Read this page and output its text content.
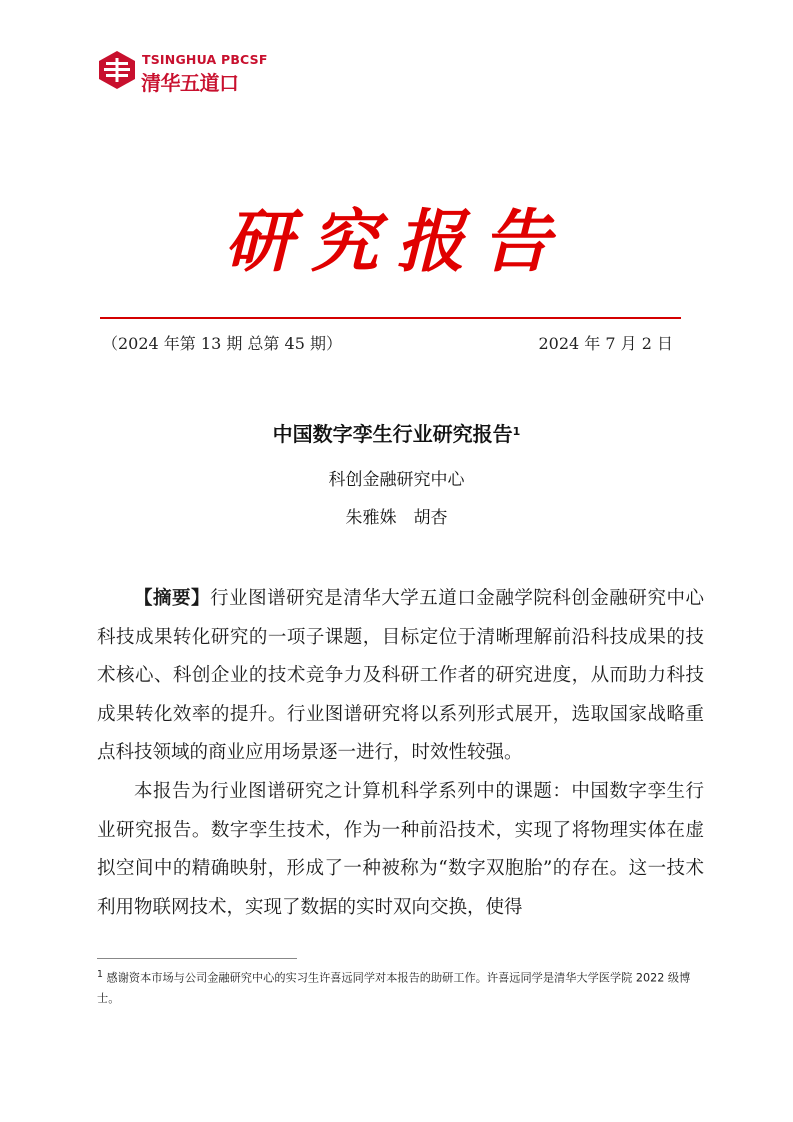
TSINGHUA PBCSF
清华五道口
研究报告
（2024 年第 13 期 总第 45 期）	2024 年 7 月 2 日
中国数字孪生行业研究报告$^1$
科创金融研究中心
朱雅姝　胡杏

【摘要】行业图谱研究是清华大学五道口金融学院科创金融研究中心科技成果转化研究的一项子课题，目标定位于清晰理解前沿科技成果的技术核心、科创企业的技术竞争力及科研工作者的研究进度，从而助力科技成果转化效率的提升。行业图谱研究将以系列形式展开，选取国家战略重点科技领域的商业应用场景逐一进行，时效性较强。

本报告为行业图谱研究之计算机科学系列中的课题：中国数字孪生行业研究报告。数字孪生技术，作为一种前沿技术，实现了将物理实体在虚拟空间中的精确映射，形成了一种被称为“数字双胞胎”的存在。这一技术利用物联网技术，实现了数据的实时双向交换，使得

$^1$ 感谢资本市场与公司金融研究中心的实习生许喜远同学对本报告的助研工作。许喜远同学是清华大学医学院 2022 级博士。
